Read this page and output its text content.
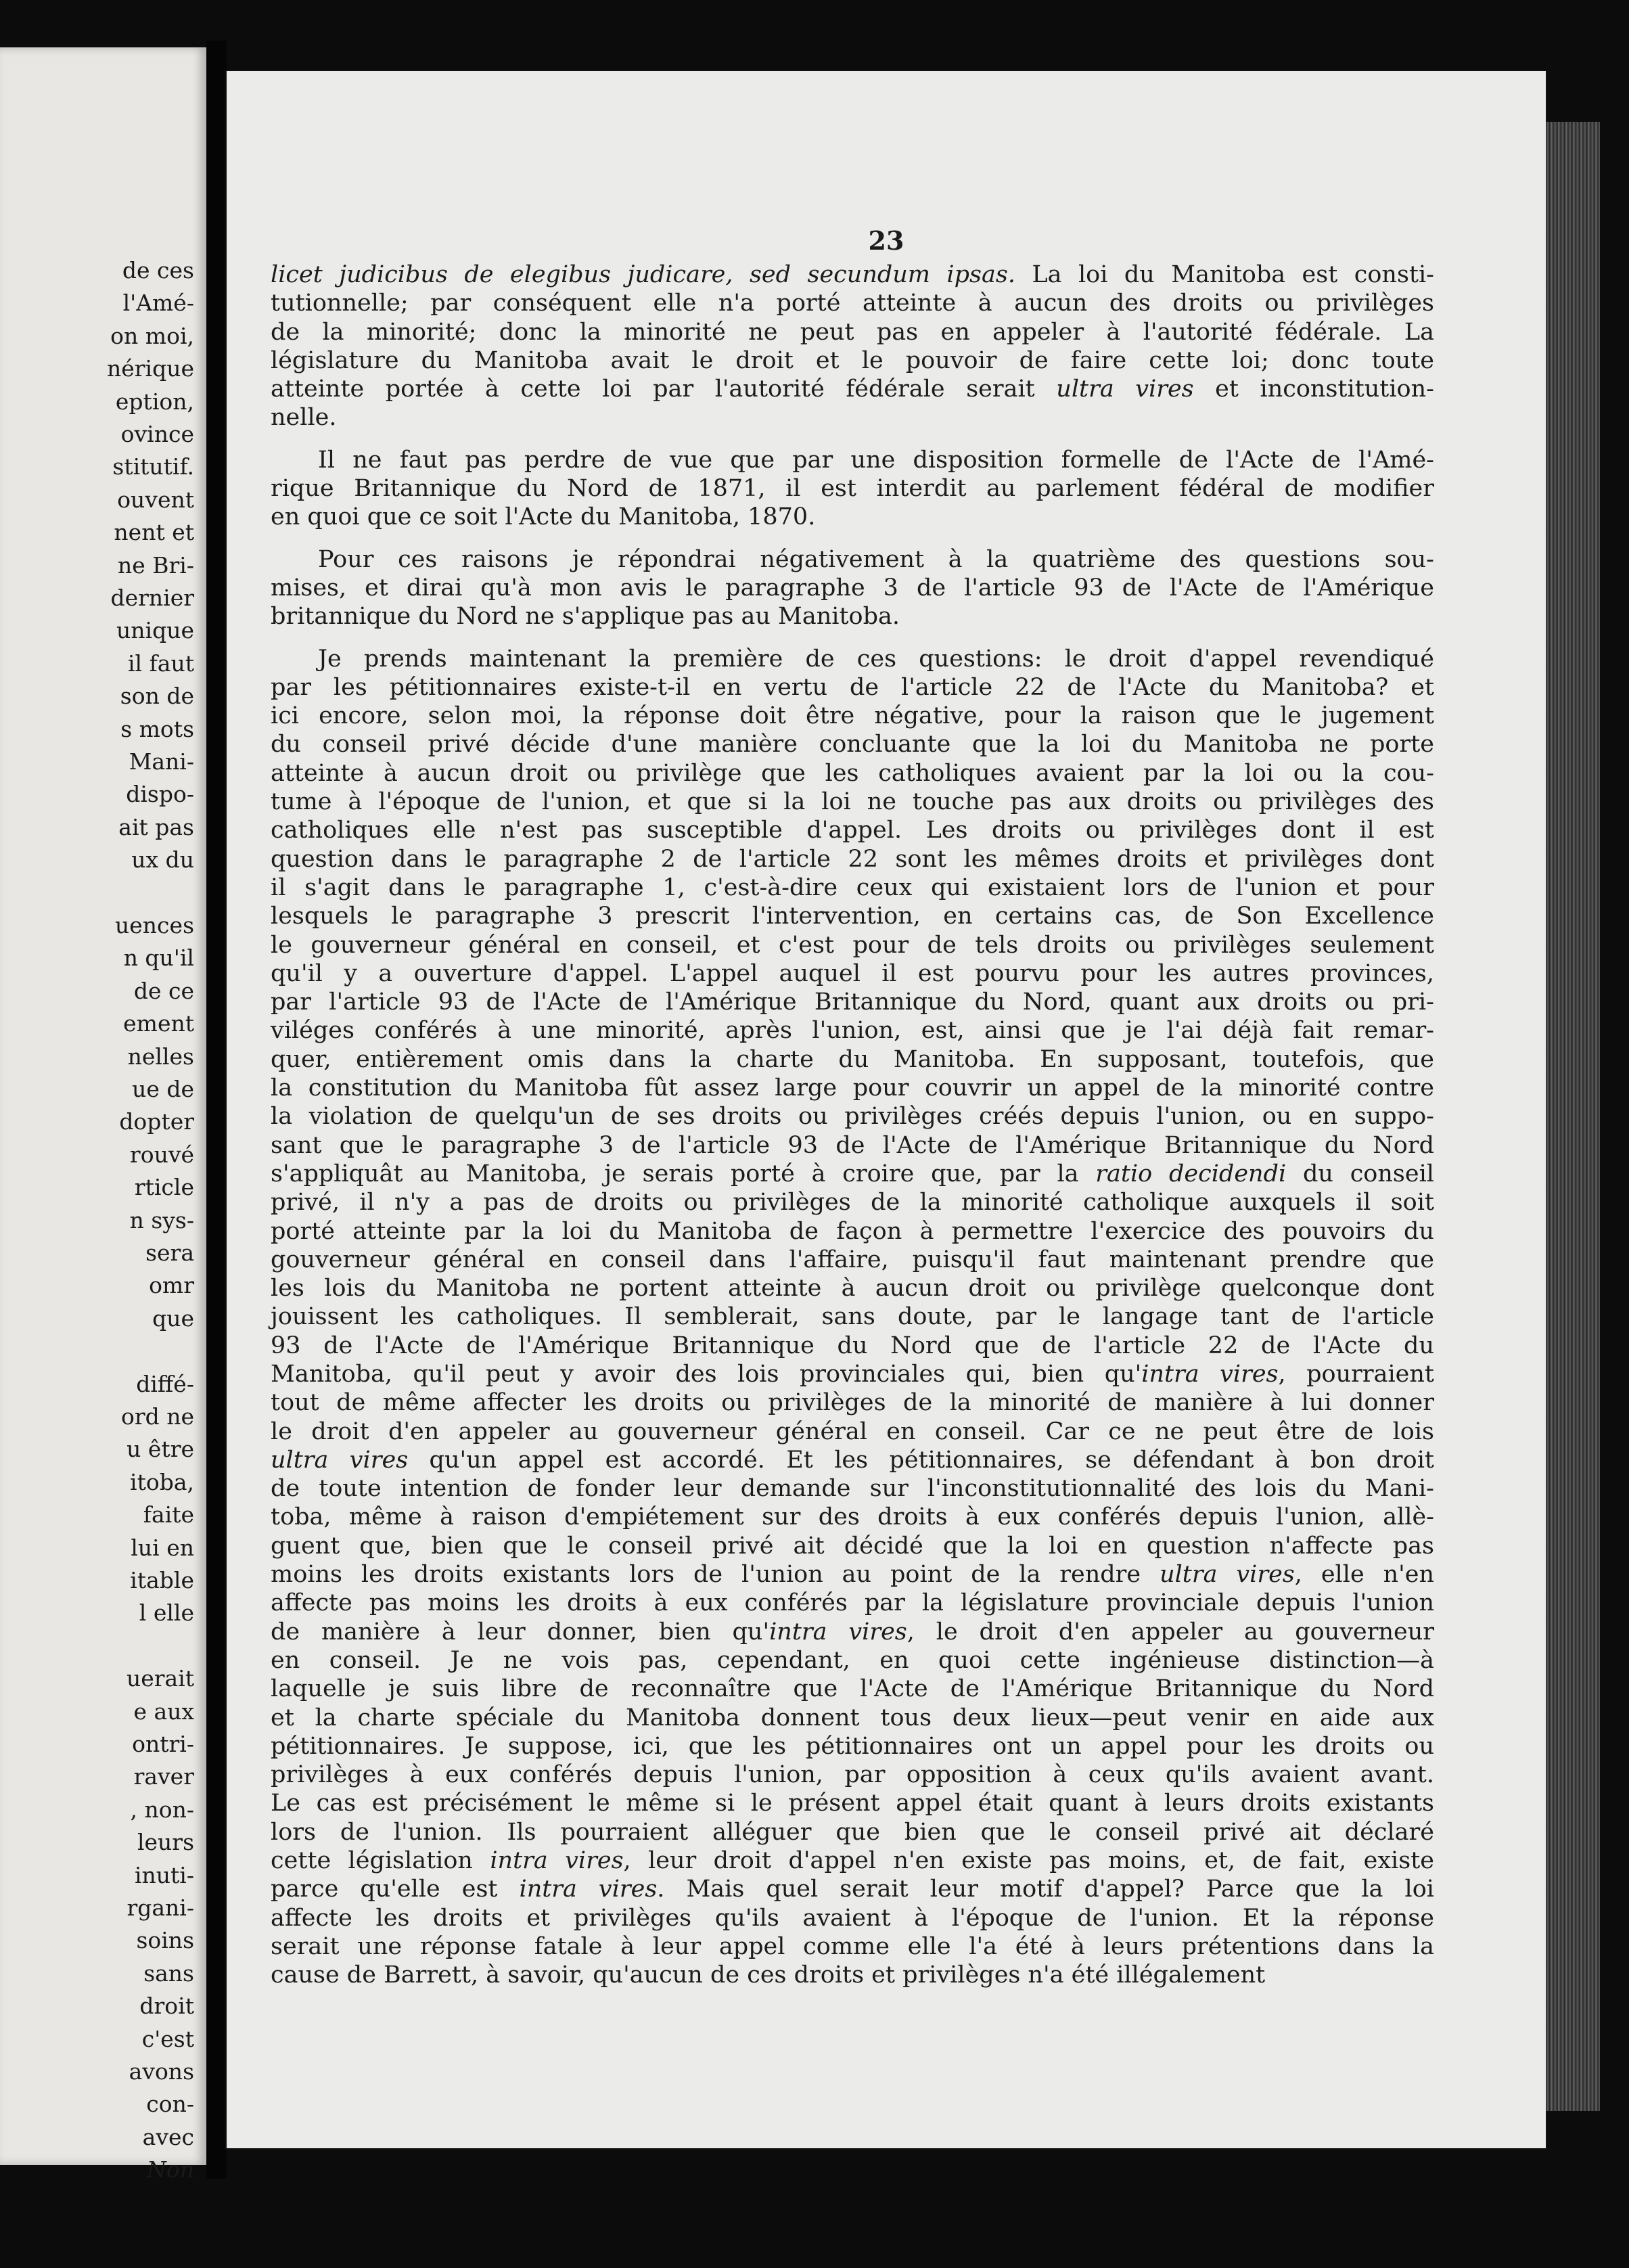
de ces
l'Amé-
on moi,
nérique
eption,
ovince
stitutif.
ouvent
nent et
ne Bri-
dernier
unique
il faut
son de
s mots
Mani-
dispo-
ait pas
ux du
uences
n qu'il
de ce
ement
nelles
ue de
dopter
rouvé
rticle
n sys-
sera
omr
que
diffé-
ord ne
u être
itoba,
faite
lui en
itable
l elle
uerait
e aux
ontri-
raver
, non-
leurs
inuti-
rgani-
soins
sans
droit
c'est
avons
con-
avec
Non
23
licet judicibus de elegibus judicare, sed secundum ipsas. La loi du Manitoba est consti-
tutionnelle; par conséquent elle n'a porté atteinte à aucun des droits ou privilèges
de la minorité; donc la minorité ne peut pas en appeler à l'autorité fédérale. La
législature du Manitoba avait le droit et le pouvoir de faire cette loi; donc toute
atteinte portée à cette loi par l'autorité fédérale serait ultra vires et inconstitution-
nelle.
Il ne faut pas perdre de vue que par une disposition formelle de l'Acte de l'Amé-
rique Britannique du Nord de 1871, il est interdit au parlement fédéral de modifier
en quoi que ce soit l'Acte du Manitoba, 1870.
Pour ces raisons je répondrai négativement à la quatrième des questions sou-
mises, et dirai qu'à mon avis le paragraphe 3 de l'article 93 de l'Acte de l'Amérique
britannique du Nord ne s'applique pas au Manitoba.
Je prends maintenant la première de ces questions: le droit d'appel revendiqué
par les pétitionnaires existe-t-il en vertu de l'article 22 de l'Acte du Manitoba? et
ici encore, selon moi, la réponse doit être négative, pour la raison que le jugement
du conseil privé décide d'une manière concluante que la loi du Manitoba ne porte
atteinte à aucun droit ou privilège que les catholiques avaient par la loi ou la cou-
tume à l'époque de l'union, et que si la loi ne touche pas aux droits ou privilèges des
catholiques elle n'est pas susceptible d'appel. Les droits ou privilèges dont il est
question dans le paragraphe 2 de l'article 22 sont les mêmes droits et privilèges dont
il s'agit dans le paragraphe 1, c'est-à-dire ceux qui existaient lors de l'union et pour
lesquels le paragraphe 3 prescrit l'intervention, en certains cas, de Son Excellence
le gouverneur général en conseil, et c'est pour de tels droits ou privilèges seulement
qu'il y a ouverture d'appel. L'appel auquel il est pourvu pour les autres provinces,
par l'article 93 de l'Acte de l'Amérique Britannique du Nord, quant aux droits ou pri-
viléges conférés à une minorité, après l'union, est, ainsi que je l'ai déjà fait remar-
quer, entièrement omis dans la charte du Manitoba. En supposant, toutefois, que
la constitution du Manitoba fût assez large pour couvrir un appel de la minorité contre
la violation de quelqu'un de ses droits ou privilèges créés depuis l'union, ou en suppo-
sant que le paragraphe 3 de l'article 93 de l'Acte de l'Amérique Britannique du Nord
s'appliquât au Manitoba, je serais porté à croire que, par la ratio decidendi du conseil
privé, il n'y a pas de droits ou privilèges de la minorité catholique auxquels il soit
porté atteinte par la loi du Manitoba de façon à permettre l'exercice des pouvoirs du
gouverneur général en conseil dans l'affaire, puisqu'il faut maintenant prendre que
les lois du Manitoba ne portent atteinte à aucun droit ou privilège quelconque dont
jouissent les catholiques. Il semblerait, sans doute, par le langage tant de l'article
93 de l'Acte de l'Amérique Britannique du Nord que de l'article 22 de l'Acte du
Manitoba, qu'il peut y avoir des lois provinciales qui, bien qu'intra vires, pourraient
tout de même affecter les droits ou privilèges de la minorité de manière à lui donner
le droit d'en appeler au gouverneur général en conseil. Car ce ne peut être de lois
ultra vires qu'un appel est accordé. Et les pétitionnaires, se défendant à bon droit
de toute intention de fonder leur demande sur l'inconstitutionnalité des lois du Mani-
toba, même à raison d'empiétement sur des droits à eux conférés depuis l'union, allè-
guent que, bien que le conseil privé ait décidé que la loi en question n'affecte pas
moins les droits existants lors de l'union au point de la rendre ultra vires, elle n'en
affecte pas moins les droits à eux conférés par la législature provinciale depuis l'union
de manière à leur donner, bien qu'intra vires, le droit d'en appeler au gouverneur
en conseil. Je ne vois pas, cependant, en quoi cette ingénieuse distinction—à
laquelle je suis libre de reconnaître que l'Acte de l'Amérique Britannique du Nord
et la charte spéciale du Manitoba donnent tous deux lieux—peut venir en aide aux
pétitionnaires. Je suppose, ici, que les pétitionnaires ont un appel pour les droits ou
privilèges à eux conférés depuis l'union, par opposition à ceux qu'ils avaient avant.
Le cas est précisément le même si le présent appel était quant à leurs droits existants
lors de l'union. Ils pourraient alléguer que bien que le conseil privé ait déclaré
cette législation intra vires, leur droit d'appel n'en existe pas moins, et, de fait, existe
parce qu'elle est intra vires. Mais quel serait leur motif d'appel? Parce que la loi
affecte les droits et privilèges qu'ils avaient à l'époque de l'union. Et la réponse
serait une réponse fatale à leur appel comme elle l'a été à leurs prétentions dans la
cause de Barrett, à savoir, qu'aucun de ces droits et privilèges n'a été illégalement
